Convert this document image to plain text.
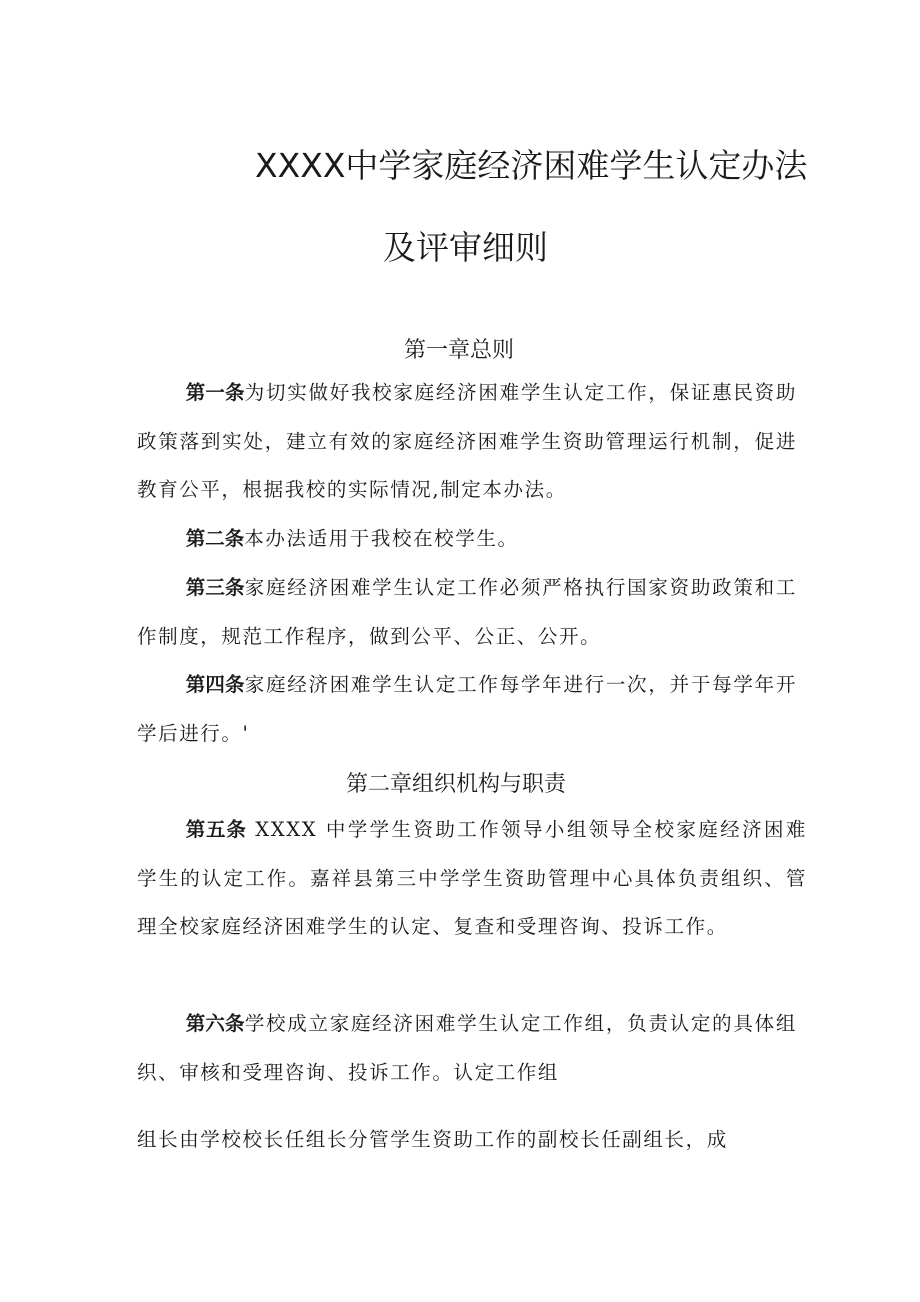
XXXX中学家庭经济困难学生认定办法
及评审细则
第一章总则

第一条为切实做好我校家庭经济困难学生认定工作，保证惠民资助政策落到实处，建立有效的家庭经济困难学生资助管理运行机制，促进教育公平，根据我校的实际情况,制定本办法。

第二条本办法适用于我校在校学生。

第三条家庭经济困难学生认定工作必须严格执行国家资助政策和工作制度，规范工作程序，做到公平、公正、公开。

第四条家庭经济困难学生认定工作每学年进行一次，并于每学年开学后进行。'

第二章组织机构与职责

第五条 XXXX 中学学生资助工作领导小组领导全校家庭经济困难学生的认定工作。嘉祥县第三中学学生资助管理中心具体负责组织、管理全校家庭经济困难学生的认定、复查和受理咨询、投诉工作。

第六条学校成立家庭经济困难学生认定工作组，负责认定的具体组织、审核和受理咨询、投诉工作。认定工作组

组长由学校校长任组长分管学生资助工作的副校长任副组长，成
